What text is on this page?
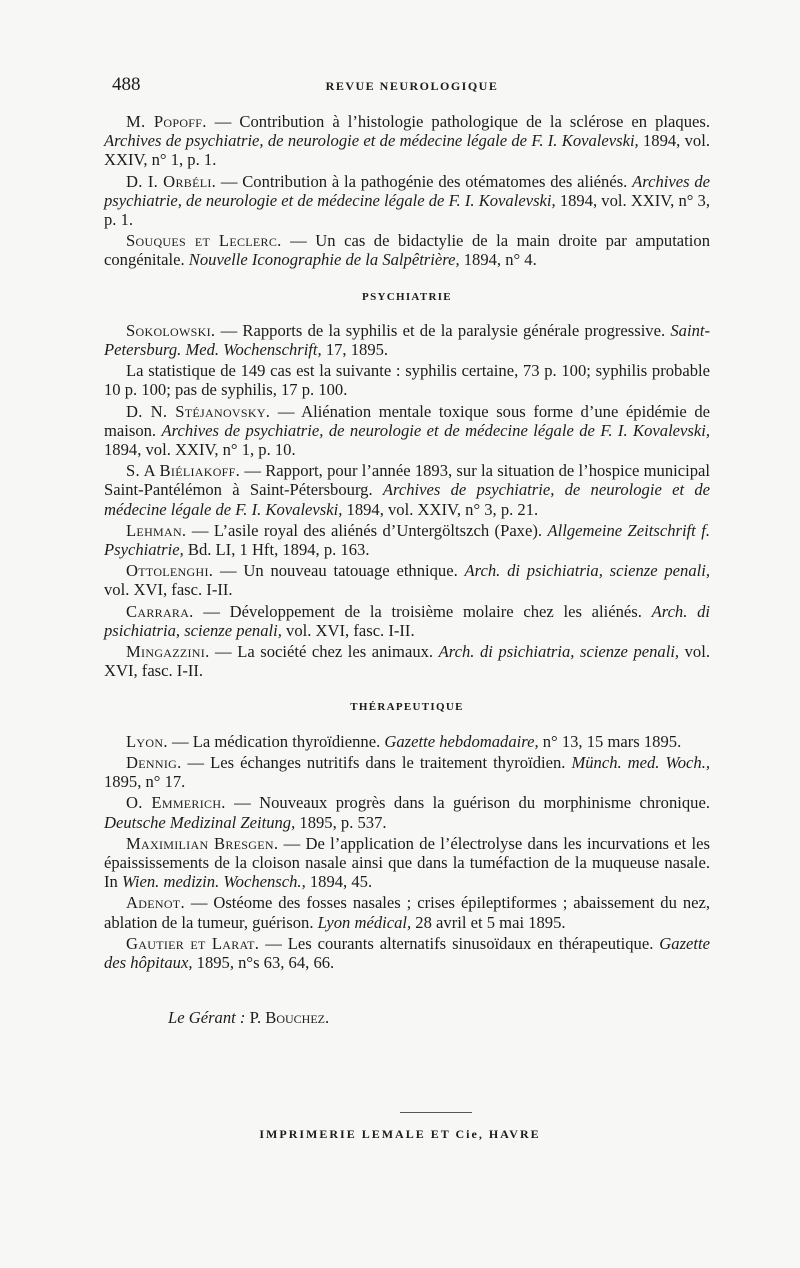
488	REVUE NEUROLOGIQUE

M. Popoff. — Contribution à l’histologie pathologique de la sclérose en plaques. Archives de psychiatrie, de neurologie et de médecine légale de F. I. Kovalevski, 1894, vol. XXIV, n° 1, p. 1.

D. I. Orbéli. — Contribution à la pathogénie des otématomes des aliénés. Archives de psychiatrie, de neurologie et de médecine légale de F. I. Kovalevski, 1894, vol. XXIV, n° 3, p. 1.

Souques et Leclerc. — Un cas de bidactylie de la main droite par amputation congénitale. Nouvelle Iconographie de la Salpêtrière, 1894, n° 4.

PSYCHIATRIE

Sokolowski. — Rapports de la syphilis et de la paralysie générale progressive. Saint-Petersburg. Med. Wochenschrift, 17, 1895.

La statistique de 149 cas est la suivante : syphilis certaine, 73 p. 100; syphilis probable 10 p. 100; pas de syphilis, 17 p. 100.

D. N. Stéjanovsky. — Aliénation mentale toxique sous forme d’une épidémie de maison. Archives de psychiatrie, de neurologie et de médecine légale de F. I. Kovalevski, 1894, vol. XXIV, n° 1, p. 10.

S. A Biéliakoff. — Rapport, pour l’année 1893, sur la situation de l’hospice municipal Saint-Pantélémon à Saint-Pétersbourg. Archives de psychiatrie, de neurologie et de médecine légale de F. I. Kovalevski, 1894, vol. XXIV, n° 3, p. 21.

Lehman. — L’asile royal des aliénés d’Untergöltszch (Paxe). Allgemeine Zeitschrift f. Psychiatrie, Bd. LI, 1 Hft, 1894, p. 163.

Ottolenghi. — Un nouveau tatouage ethnique. Arch. di psichiatria, scienze penali, vol. XVI, fasc. I-II.

Carrara. — Développement de la troisième molaire chez les aliénés. Arch. di psichiatria, scienze penali, vol. XVI, fasc. I-II.

Mingazzini. — La société chez les animaux. Arch. di psichiatria, scienze penali, vol. XVI, fasc. I-II.

THÉRAPEUTIQUE

Lyon. — La médication thyroïdienne. Gazette hebdomadaire, n° 13, 15 mars 1895.

Dennig. — Les échanges nutritifs dans le traitement thyroïdien. Münch. med. Woch., 1895, n° 17.

O. Emmerich. — Nouveaux progrès dans la guérison du morphinisme chronique. Deutsche Medizinal Zeitung, 1895, p. 537.

Maximilian Bresgen. — De l’application de l’électrolyse dans les incurvations et les épaississements de la cloison nasale ainsi que dans la tuméfaction de la muqueuse nasale. In Wien. medizin. Wochensch., 1894, 45.

Adenot. — Ostéome des fosses nasales ; crises épileptiformes ; abaissement du nez, ablation de la tumeur, guérison. Lyon médical, 28 avril et 5 mai 1895.

Gautier et Larat. — Les courants alternatifs sinusoïdaux en thérapeutique. Gazette des hôpitaux, 1895, n°s 63, 64, 66.

Le Gérant : P. Bouchez.
IMPRIMERIE LEMALE ET Cie, HAVRE
